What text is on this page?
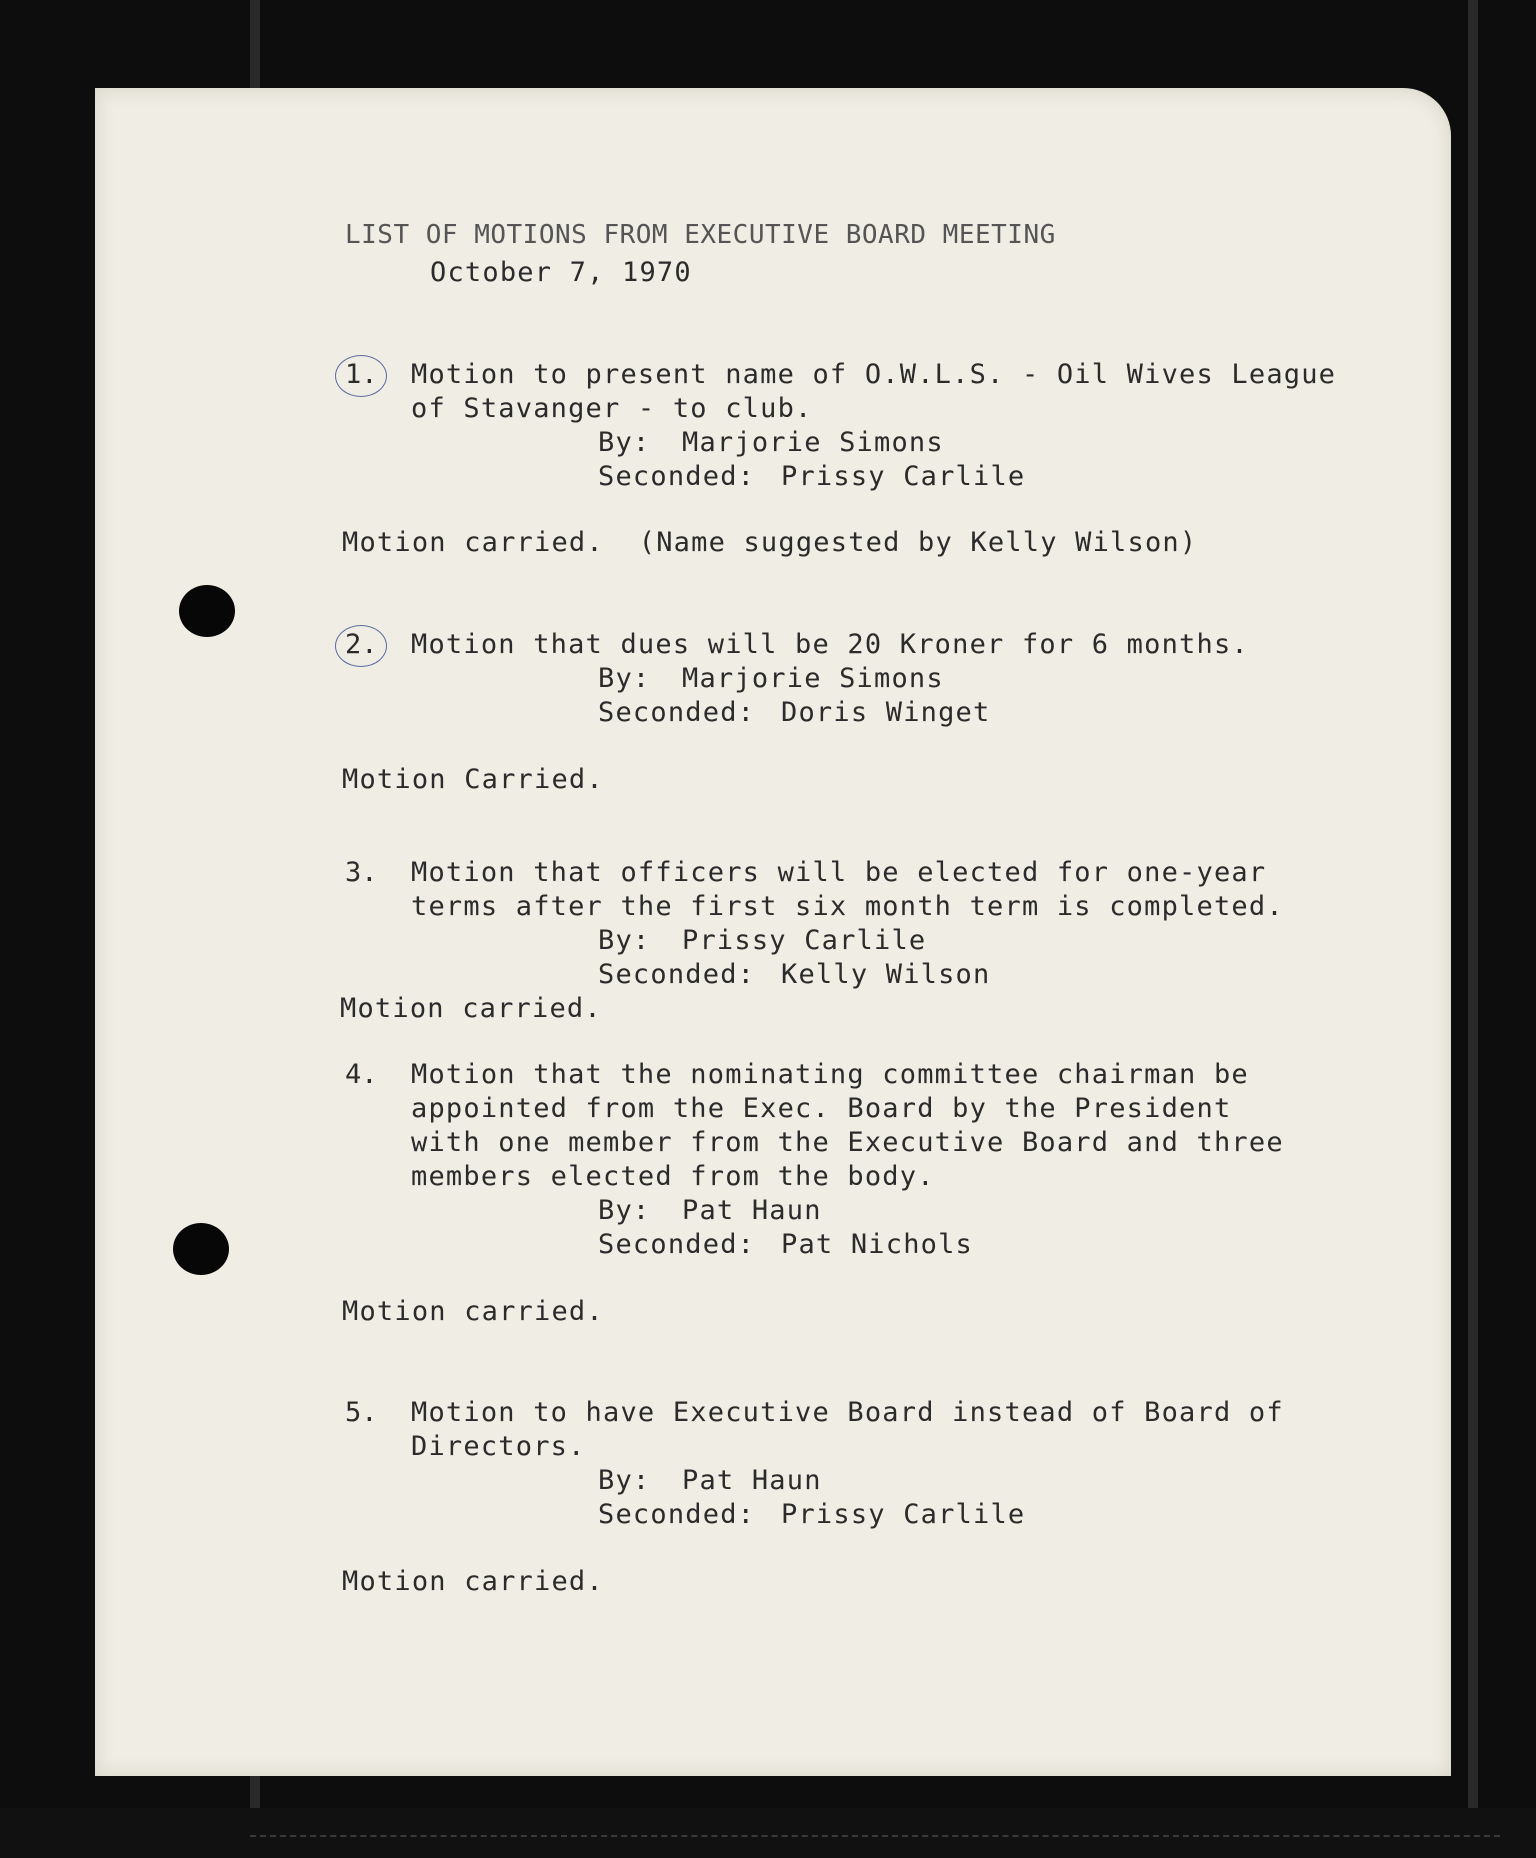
LIST OF MOTIONS FROM EXECUTIVE BOARD MEETING
October 7, 1970
1. Motion to present name of O.W.L.S. - Oil Wives League
of Stavanger - to club.
By: Marjorie Simons
Seconded: Prissy Carlile
Motion carried.  (Name suggested by Kelly Wilson)
2. Motion that dues will be 20 Kroner for 6 months.
By: Marjorie Simons
Seconded: Doris Winget
Motion Carried.
3. Motion that officers will be elected for one-year
terms after the first six month term is completed.
By: Prissy Carlile
Seconded: Kelly Wilson
Motion carried.
4. Motion that the nominating committee chairman be
appointed from the Exec. Board by the President
with one member from the Executive Board and three
members elected from the body.
By: Pat Haun
Seconded: Pat Nichols
Motion carried.
5. Motion to have Executive Board instead of Board of
Directors.
By: Pat Haun
Seconded: Prissy Carlile
Motion carried.
